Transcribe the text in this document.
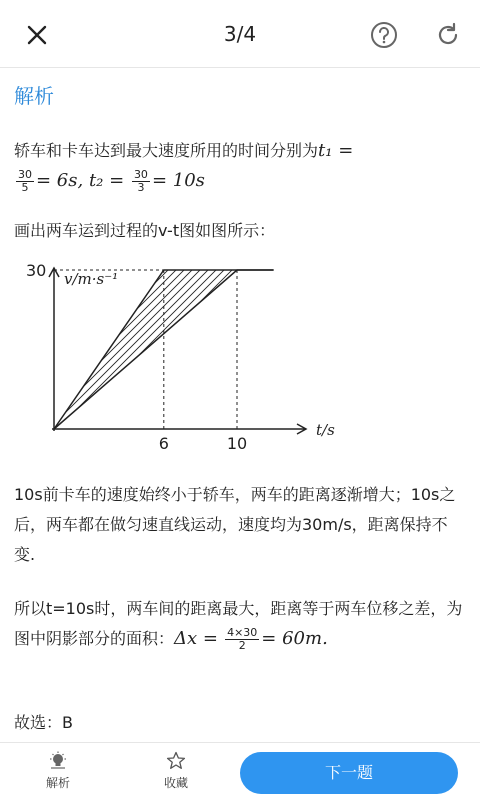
3/4
解析

轿车和卡车达到最大速度所用的时间分别为t₁ =

$\frac{30}{5} = 6s$, $t_2 = \frac{30}{3} = 10s$

画出两车运到过程的v-t图如图所示：

10s前卡车的速度始终小于轿车，两车的距离逐渐增大；10s之后，两车都在做匀速直线运动，速度均为30m/s，距离保持不变.

所以t=10s时，两车间的距离最大，距离等于两车位移之差，为图中阴影部分的面积：$\Delta x = \frac{4\times 30}{2} = 60m$.

故选：B

v/m·s⁻¹
t/s
30
6	10
解析	收藏
下一题
